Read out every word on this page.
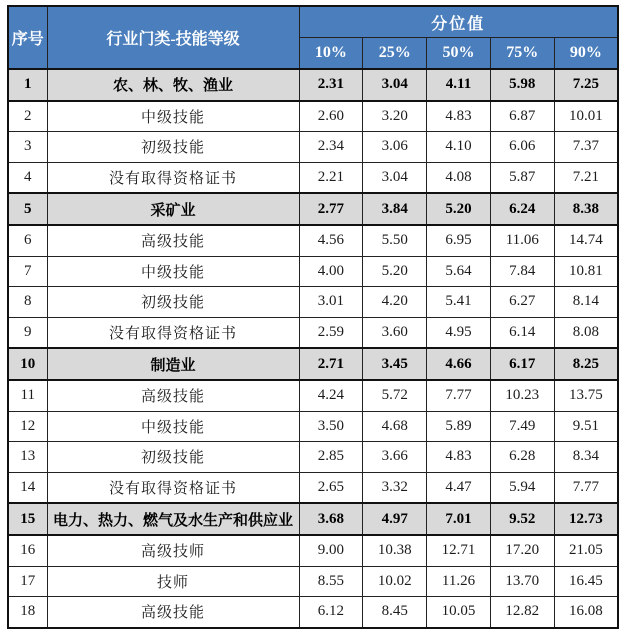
序号	行业门类-技能等级	分位值				
		10%	25%	50%	75%	90%
1	农、林、牧、渔业	2.31	3.04	4.11	5.98	7.25
2	中级技能	2.60	3.20	4.83	6.87	10.01
3	初级技能	2.34	3.06	4.10	6.06	7.37
4	没有取得资格证书	2.21	3.04	4.08	5.87	7.21
5	采矿业	2.77	3.84	5.20	6.24	8.38
6	高级技能	4.56	5.50	6.95	11.06	14.74
7	中级技能	4.00	5.20	5.64	7.84	10.81
8	初级技能	3.01	4.20	5.41	6.27	8.14
9	没有取得资格证书	2.59	3.60	4.95	6.14	8.08
10	制造业	2.71	3.45	4.66	6.17	8.25
11	高级技能	4.24	5.72	7.77	10.23	13.75
12	中级技能	3.50	4.68	5.89	7.49	9.51
13	初级技能	2.85	3.66	4.83	6.28	8.34
14	没有取得资格证书	2.65	3.32	4.47	5.94	7.77
15	电力、热力、燃气及水生产和供应业	3.68	4.97	7.01	9.52	12.73
16	高级技师	9.00	10.38	12.71	17.20	21.05
17	技师	8.55	10.02	11.26	13.70	16.45
18	高级技能	6.12	8.45	10.05	12.82	16.08
